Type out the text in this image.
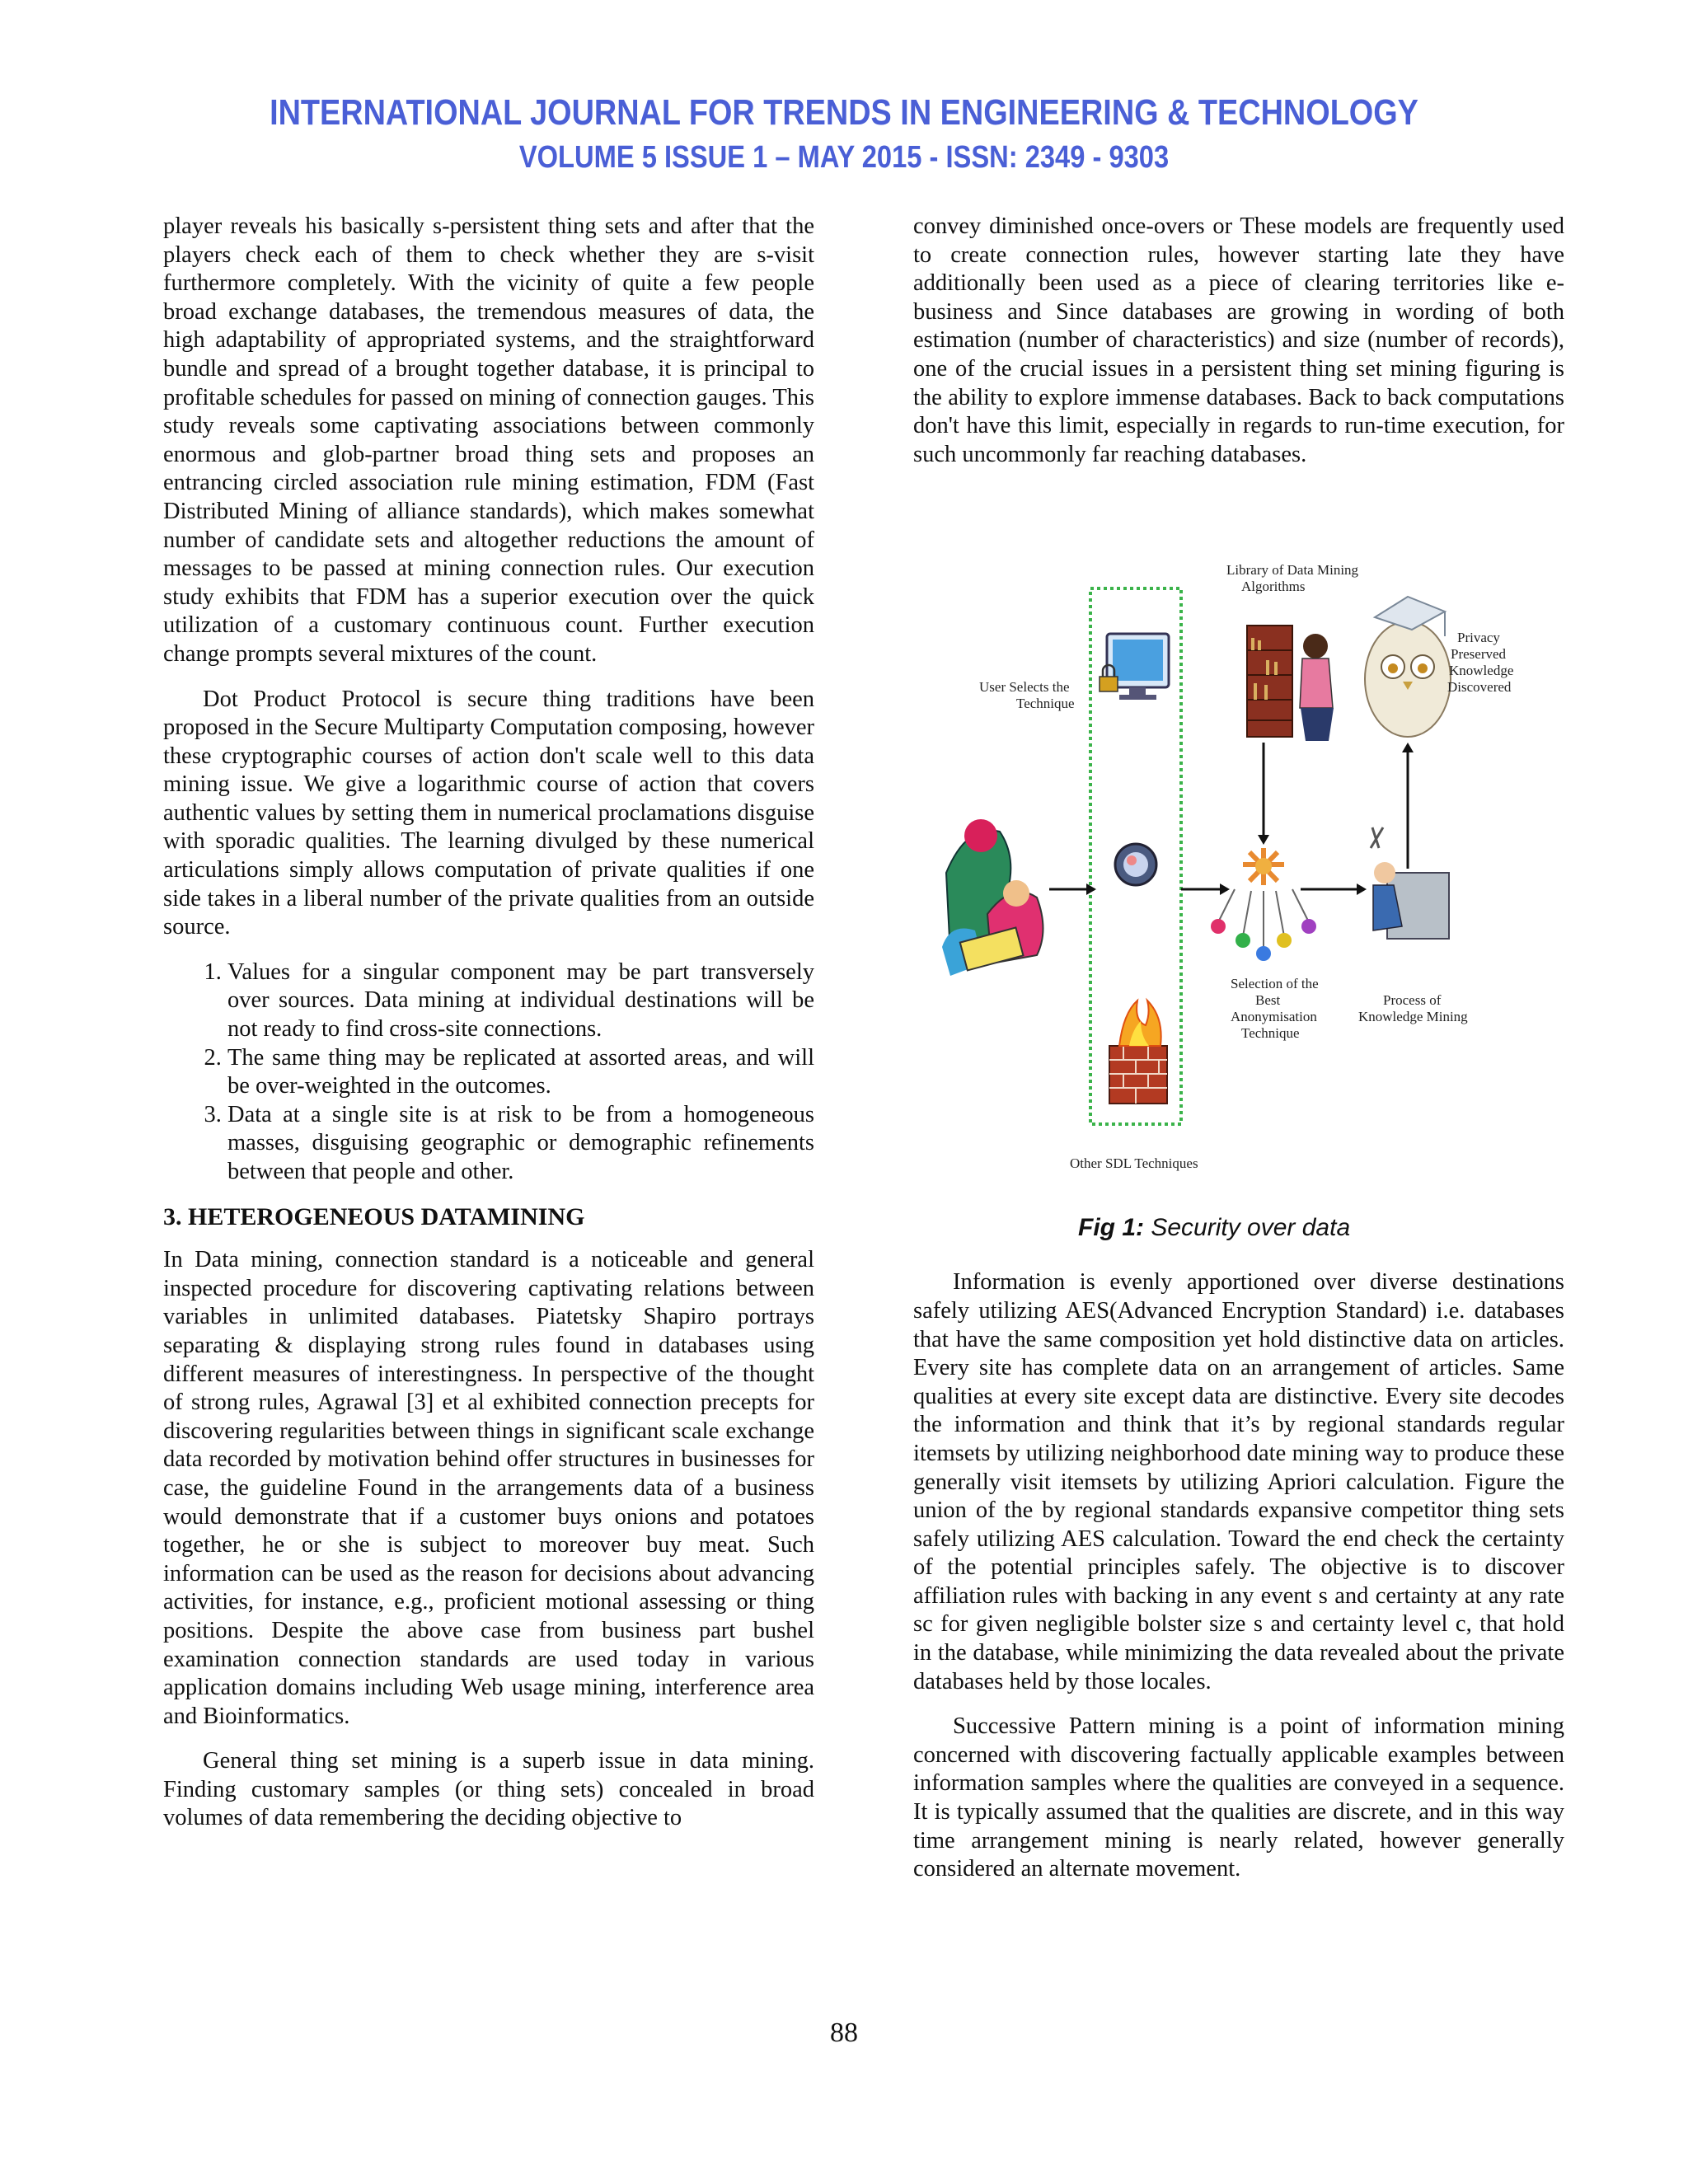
INTERNATIONAL JOURNAL FOR TRENDS IN ENGINEERING & TECHNOLOGY
VOLUME 5 ISSUE 1 – MAY 2015 - ISSN: 2349 - 9303

player reveals his basically s-persistent thing sets and after that the players check each of them to check whether they are s-visit furthermore completely. With the vicinity of quite a few people broad exchange databases, the tremendous measures of data, the high adaptability of appropriated systems, and the straightforward bundle and spread of a brought together database, it is principal to profitable schedules for passed on mining of connection gauges. This study reveals some captivating associations between commonly enormous and glob-partner broad thing sets and proposes an entrancing circled association rule mining estimation, FDM (Fast Distributed Mining of alliance standards), which makes somewhat number of candidate sets and altogether reductions the amount of messages to be passed at mining connection rules. Our execution study exhibits that FDM has a superior execution over the quick utilization of a customary continuous count. Further execution change prompts several mixtures of the count.

Dot Product Protocol is secure thing traditions have been proposed in the Secure Multiparty Computation composing, however these cryptographic courses of action don't scale well to this data mining issue. We give a logarithmic course of action that covers authentic values by setting them in numerical proclamations disguise with sporadic qualities. The learning divulged by these numerical articulations simply allows computation of private qualities if one side takes in a liberal number of the private qualities from an outside source.

1. Values for a singular component may be part transversely over sources. Data mining at individual destinations will be not ready to find cross-site connections.
2. The same thing may be replicated at assorted areas, and will be over-weighted in the outcomes.
3. Data at a single site is at risk to be from a homogeneous masses, disguising geographic or demographic refinements between that people and other.
3. HETEROGENEOUS DATAMINING

In Data mining, connection standard is a noticeable and general inspected procedure for discovering captivating relations between variables in unlimited databases. Piatetsky Shapiro portrays separating & displaying strong rules found in databases using different measures of interestingness. In perspective of the thought of strong rules, Agrawal [3] et al exhibited connection precepts for discovering regularities between things in significant scale exchange data recorded by motivation behind offer structures in businesses for case, the guideline Found in the arrangements data of a business would demonstrate that if a customer buys onions and potatoes together, he or she is subject to moreover buy meat. Such information can be used as the reason for decisions about advancing activities, for instance, e.g., proficient motional assessing or thing positions. Despite the above case from business part bushel examination connection standards are used today in various application domains including Web usage mining, interference area and Bioinformatics.

General thing set mining is a superb issue in data mining. Finding customary samples (or thing sets) concealed in broad volumes of data remembering the deciding objective to

convey diminished once-overs or These models are frequently used to create connection rules, however starting late they have additionally been used as a piece of clearing territories like e-business and Since databases are growing in wording of both estimation (number of characteristics) and size (number of records), one of the crucial issues in a persistent thing set mining figuring is the ability to explore immense databases. Back to back computations don't have this limit, especially in regards to run-time execution, for such uncommonly far reaching databases.

Library of Data Mining
Algorithms
User Selects the
Technique
Privacy
Preserved
Knowledge
Discovered
Selection of the
Best
Anonymisation
Technique
Process of
Knowledge Mining
Other SDL Techniques
Fig 1: Security over data

Information is evenly apportioned over diverse destinations safely utilizing AES(Advanced Encryption Standard) i.e. databases that have the same composition yet hold distinctive data on articles. Every site has complete data on an arrangement of articles. Same qualities at every site except data are distinctive. Every site decodes the information and think that it’s by regional standards regular itemsets by utilizing neighborhood date mining way to produce these generally visit itemsets by utilizing Apriori calculation. Figure the union of the by regional standards expansive competitor thing sets safely utilizing AES calculation. Toward the end check the certainty of the potential principles safely. The objective is to discover affiliation rules with backing in any event s and certainty at any rate sc for given negligible bolster size s and certainty level c, that hold in the database, while minimizing the data revealed about the private databases held by those locales.

Successive Pattern mining is a point of information mining concerned with discovering factually applicable examples between information samples where the qualities are conveyed in a sequence. It is typically assumed that the qualities are discrete, and in this way time arrangement mining is nearly related, however generally considered an alternate movement.

88
